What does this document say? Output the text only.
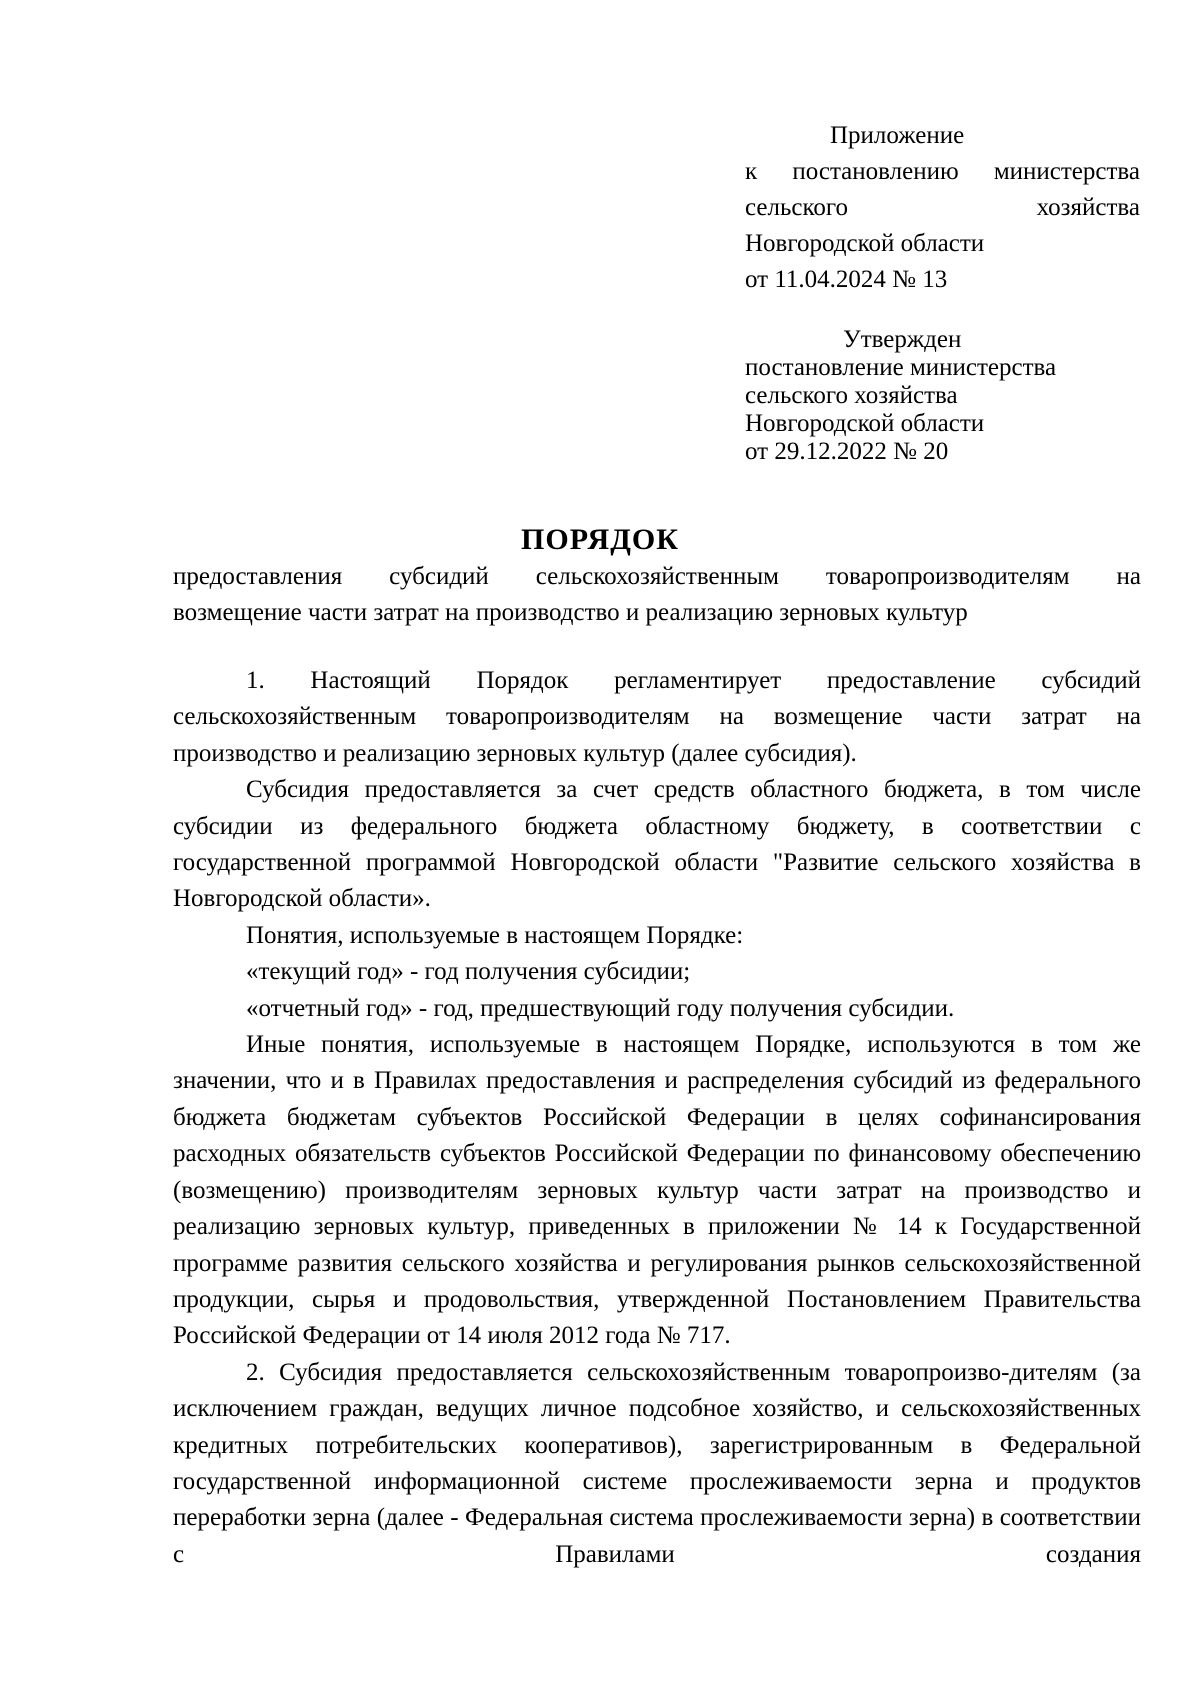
Приложение
к постановлению министерства
сельского	хозяйства
Новгородской области
от 11.04.2024 № 13
Утвержден
постановление министерства
сельского хозяйства
Новгородской области
от 29.12.2022 № 20
ПОРЯДОК
предоставления субсидий сельскохозяйственным товаропроизводителям на
возмещение части затрат на производство и реализацию зерновых культур

1. Настоящий Порядок регламентирует предоставление субсидий сельскохозяйственным товаропроизводителям на возмещение части затрат на производство и реализацию зерновых культур (далее субсидия).

Субсидия предоставляется за счет средств областного бюджета, в том числе субсидии из федерального бюджета областному бюджету, в соответствии с государственной программой Новгородской области "Развитие сельского хозяйства в Новгородской области».

Понятия, используемые в настоящем Порядке:

«текущий год» - год получения субсидии;

«отчетный год» - год, предшествующий году получения субсидии.

Иные понятия, используемые в настоящем Порядке, используются в том же значении, что и в Правилах предоставления и распределения субсидий из федерального бюджета бюджетам субъектов Российской Федерации в целях софинансирования расходных обязательств субъектов Российской Федерации по финансовому обеспечению (возмещению) производителям зерновых культур части затрат на производство и реализацию зерновых культур, приведенных в приложении № 14 к Государственной программе развития сельского хозяйства и регулирования рынков сельскохозяйственной продукции, сырья и продовольствия, утвержденной Постановлением Правительства Российской Федерации от 14 июля 2012 года № 717.

2. Субсидия предоставляется сельскохозяйственным товаропроизво-дителям (за исключением граждан, ведущих личное подсобное хозяйство, и сельскохозяйственных кредитных потребительских кооперативов), зарегистрированным в Федеральной государственной информационной системе прослеживаемости зерна и продуктов переработки зерна (далее - Федеральная система прослеживаемости зерна) в соответствии с Правилами создания
